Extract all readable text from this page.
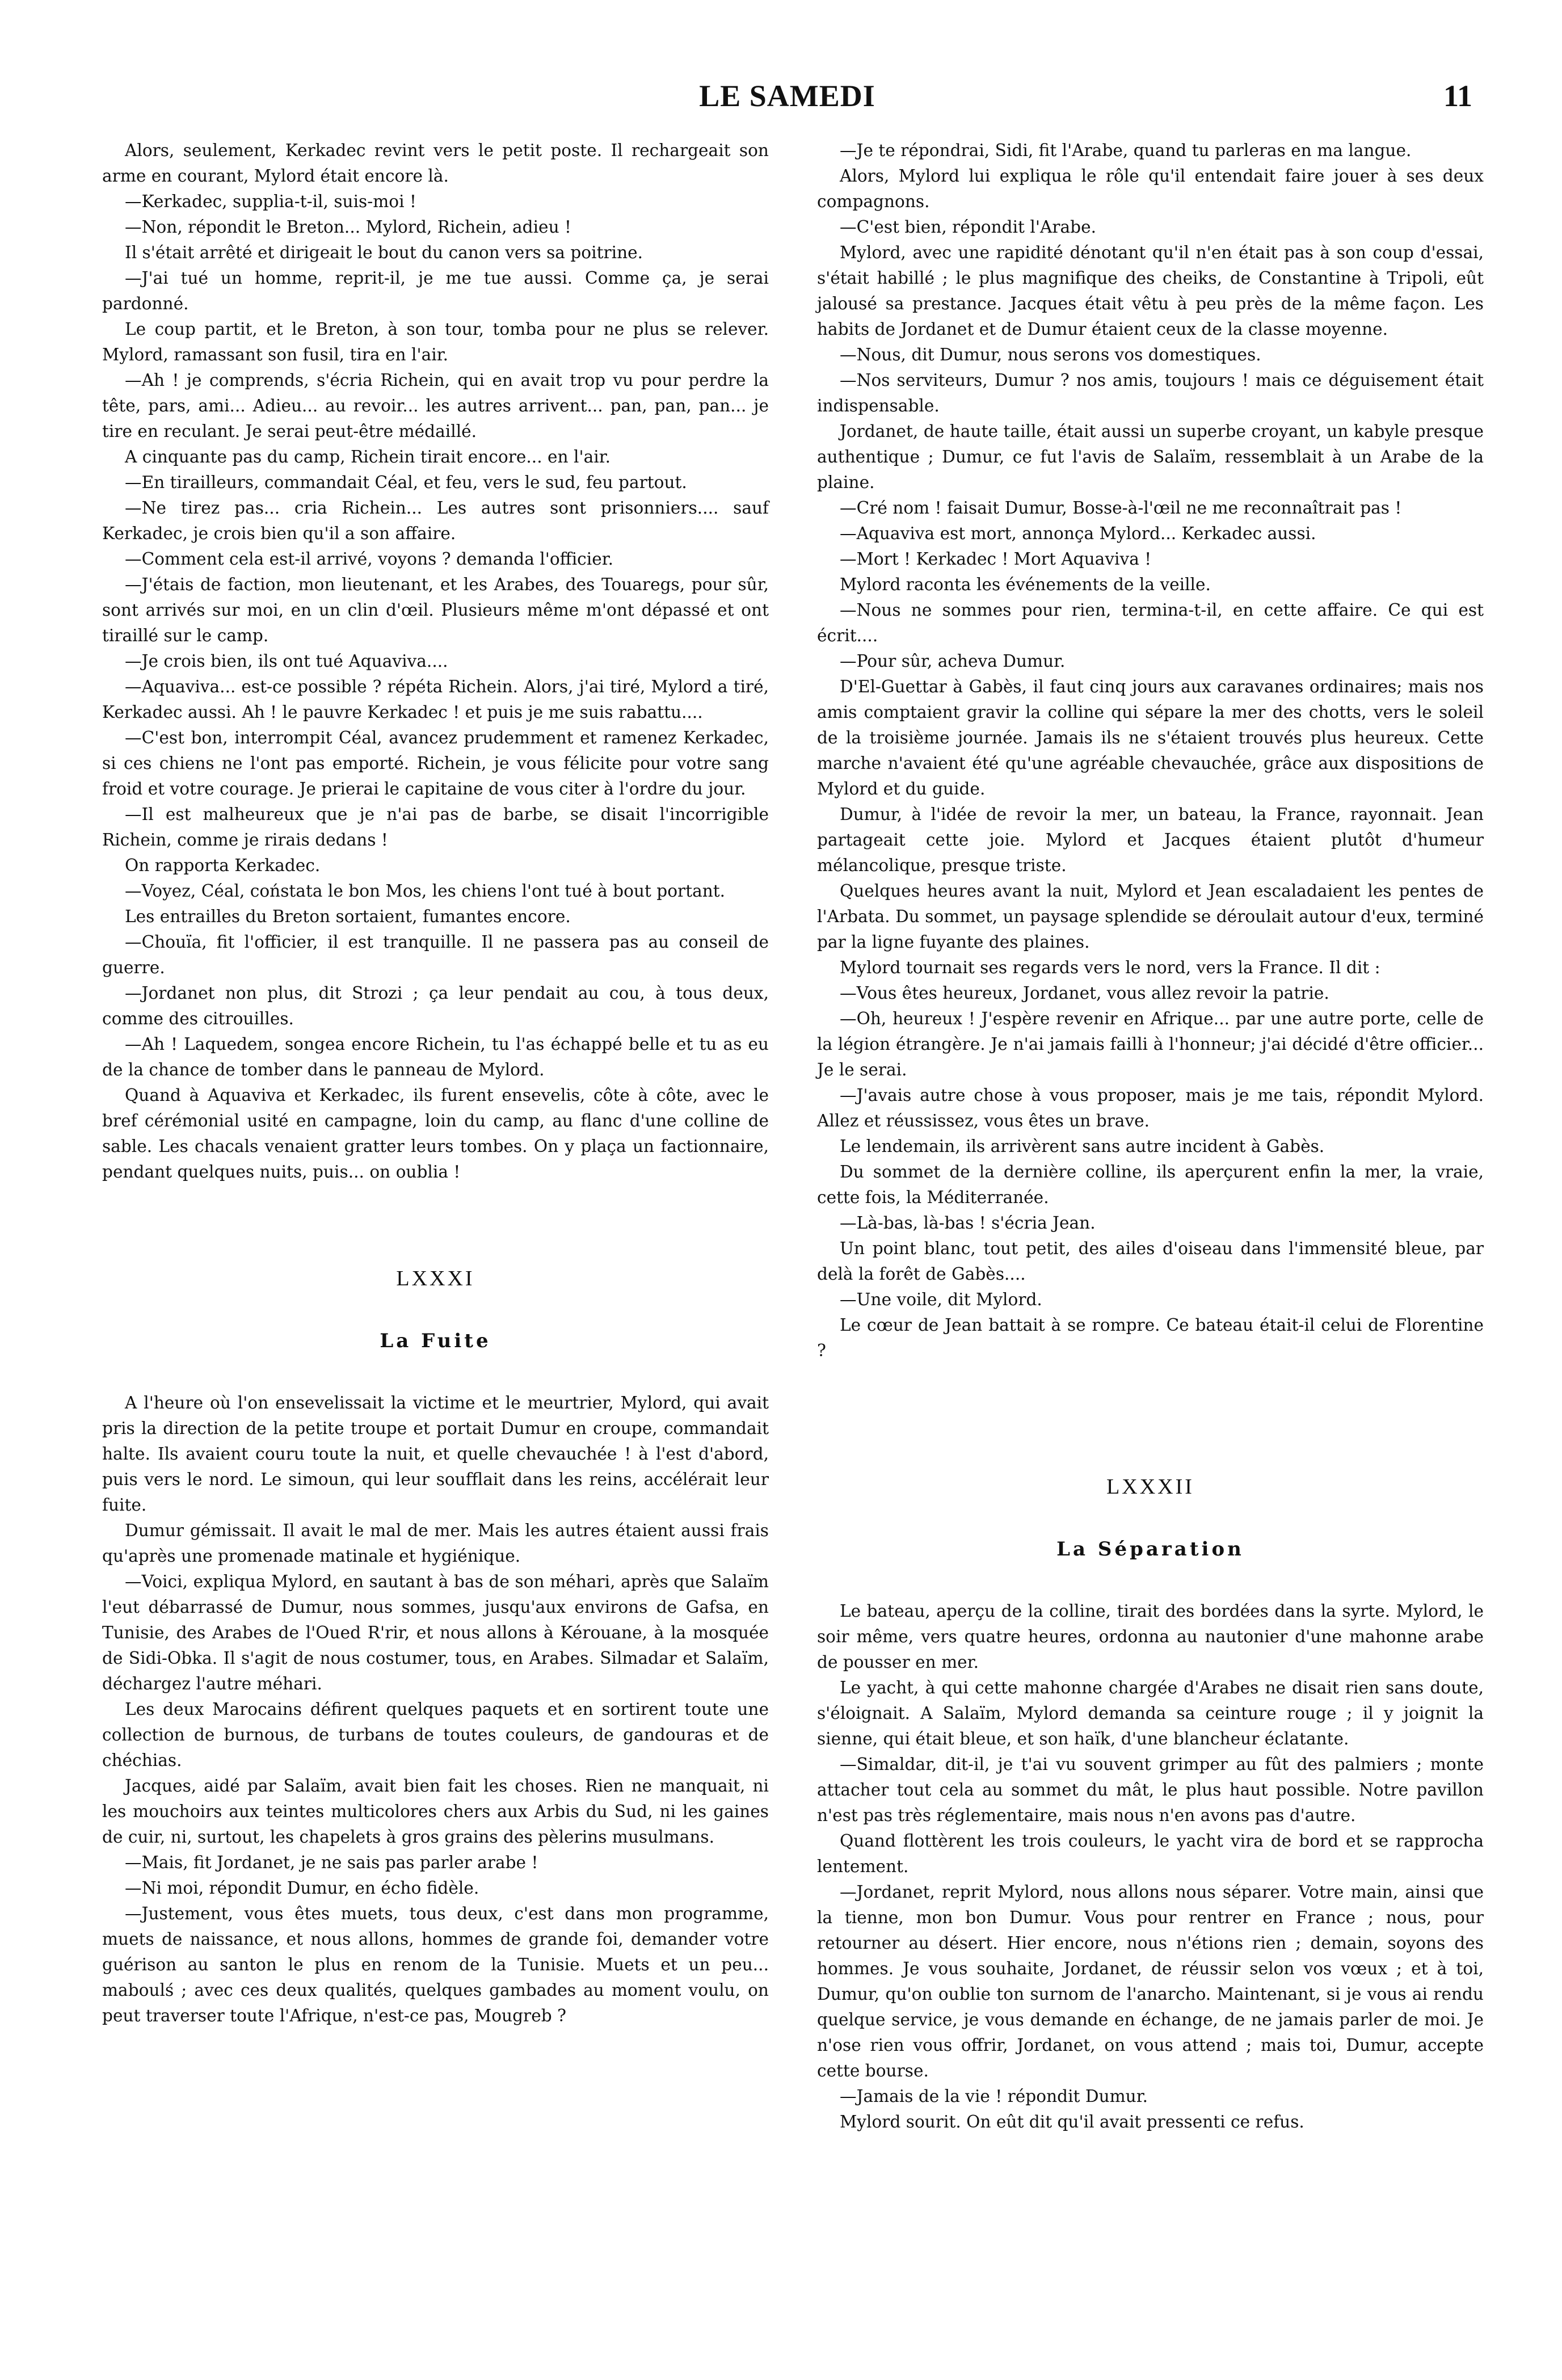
LE SAMEDI	11

Alors, seulement, Kerkadec revint vers le petit poste. Il rechargeait son arme en courant, Mylord était encore là.

—Kerkadec, supplia-t-il, suis-moi !

—Non, répondit le Breton... Mylord, Richein, adieu !

Il s'était arrêté et dirigeait le bout du canon vers sa poitrine.

—J'ai tué un homme, reprit-il, je me tue aussi. Comme ça, je serai pardonné.

Le coup partit, et le Breton, à son tour, tomba pour ne plus se relever. Mylord, ramassant son fusil, tira en l'air.

—Ah ! je comprends, s'écria Richein, qui en avait trop vu pour perdre la tête, pars, ami... Adieu... au revoir... les autres arrivent... pan, pan, pan... je tire en reculant. Je serai peut-être médaillé.

A cinquante pas du camp, Richein tirait encore... en l'air.

—En tirailleurs, commandait Céal, et feu, vers le sud, feu partout.

—Ne tirez pas... cria Richein... Les autres sont prisonniers.... sauf Kerkadec, je crois bien qu'il a son affaire.

—Comment cela est-il arrivé, voyons ? demanda l'officier.

—J'étais de faction, mon lieutenant, et les Arabes, des Touaregs, pour sûr, sont arrivés sur moi, en un clin d'œil. Plusieurs même m'ont dépassé et ont tiraillé sur le camp.

—Je crois bien, ils ont tué Aquaviva....

—Aquaviva... est-ce possible ? répéta Richein. Alors, j'ai tiré, Mylord a tiré, Kerkadec aussi. Ah ! le pauvre Kerkadec ! et puis je me suis rabattu....

—C'est bon, interrompit Céal, avancez prudemment et ramenez Kerkadec, si ces chiens ne l'ont pas emporté. Richein, je vous félicite pour votre sang froid et votre courage. Je prierai le capitaine de vous citer à l'ordre du jour.

—Il est malheureux que je n'ai pas de barbe, se disait l'incorrigible Richein, comme je rirais dedans !

On rapporta Kerkadec.

—Voyez, Céal, coństata le bon Mos, les chiens l'ont tué à bout portant.

Les entrailles du Breton sortaient, fumantes encore.

—Chouïa, fit l'officier, il est tranquille. Il ne passera pas au conseil de guerre.

—Jordanet non plus, dit Strozi ; ça leur pendait au cou, à tous deux, comme des citrouilles.

—Ah ! Laquedem, songea encore Richein, tu l'as échappé belle et tu as eu de la chance de tomber dans le panneau de Mylord.

Quand à Aquaviva et Kerkadec, ils furent ensevelis, côte à côte, avec le bref cérémonial usité en campagne, loin du camp, au flanc d'une colline de sable. Les chacals venaient gratter leurs tombes. On y plaça un factionnaire, pendant quelques nuits, puis... on oublia !

LXXXI
La Fuite

A l'heure où l'on ensevelissait la victime et le meurtrier, Mylord, qui avait pris la direction de la petite troupe et portait Dumur en croupe, commandait halte. Ils avaient couru toute la nuit, et quelle chevauchée ! à l'est d'abord, puis vers le nord. Le simoun, qui leur soufflait dans les reins, accélérait leur fuite.

Dumur gémissait. Il avait le mal de mer. Mais les autres étaient aussi frais qu'après une promenade matinale et hygiénique.

—Voici, expliqua Mylord, en sautant à bas de son méhari, après que Salaïm l'eut débarrassé de Dumur, nous sommes, jusqu'aux environs de Gafsa, en Tunisie, des Arabes de l'Oued R'rir, et nous allons à Kérouane, à la mosquée de Sidi-Obka. Il s'agit de nous costumer, tous, en Arabes. Silmadar et Salaïm, déchargez l'autre méhari.

Les deux Marocains défirent quelques paquets et en sortirent toute une collection de burnous, de turbans de toutes couleurs, de gandouras et de chéchias.

Jacques, aidé par Salaïm, avait bien fait les choses. Rien ne manquait, ni les mouchoirs aux teintes multicolores chers aux Arbis du Sud, ni les gaines de cuir, ni, surtout, les chapelets à gros grains des pèlerins musulmans.

—Mais, fit Jordanet, je ne sais pas parler arabe !

—Ni moi, répondit Dumur, en écho fidèle.

—Justement, vous êtes muets, tous deux, c'est dans mon programme, muets de naissance, et nous allons, hommes de grande foi, demander votre guérison au santon le plus en renom de la Tunisie. Muets et un peu... maboulś ; avec ces deux qualités, quelques gambades au moment voulu, on peut traverser toute l'Afrique, n'est-ce pas, Mougreb ?

—Je te répondrai, Sidi, fit l'Arabe, quand tu parleras en ma langue.

Alors, Mylord lui expliqua le rôle qu'il entendait faire jouer à ses deux compagnons.

—C'est bien, répondit l'Arabe.

Mylord, avec une rapidité dénotant qu'il n'en était pas à son coup d'essai, s'était habillé ; le plus magnifique des cheiks, de Constantine à Tripoli, eût jalousé sa prestance. Jacques était vêtu à peu près de la même façon. Les habits de Jordanet et de Dumur étaient ceux de la classe moyenne.

—Nous, dit Dumur, nous serons vos domestiques.

—Nos serviteurs, Dumur ? nos amis, toujours ! mais ce déguisement était indispensable.

Jordanet, de haute taille, était aussi un superbe croyant, un kabyle presque authentique ; Dumur, ce fut l'avis de Salaïm, ressemblait à un Arabe de la plaine.

—Cré nom ! faisait Dumur, Bosse-à-l'œil ne me reconnaîtrait pas !

—Aquaviva est mort, annonça Mylord... Kerkadec aussi.

—Mort ! Kerkadec ! Mort Aquaviva !

Mylord raconta les événements de la veille.

—Nous ne sommes pour rien, termina-t-il, en cette affaire. Ce qui est écrit....

—Pour sûr, acheva Dumur.

D'El-Guettar à Gabès, il faut cinq jours aux caravanes ordinaires; mais nos amis comptaient gravir la colline qui sépare la mer des chotts, vers le soleil de la troisième journée. Jamais ils ne s'étaient trouvés plus heureux. Cette marche n'avaient été qu'une agréable chevauchée, grâce aux dispositions de Mylord et du guide.

Dumur, à l'idée de revoir la mer, un bateau, la France, rayonnait. Jean partageait cette joie. Mylord et Jacques étaient plutôt d'humeur mélancolique, presque triste.

Quelques heures avant la nuit, Mylord et Jean escaladaient les pentes de l'Arbata. Du sommet, un paysage splendide se déroulait autour d'eux, terminé par la ligne fuyante des plaines.

Mylord tournait ses regards vers le nord, vers la France. Il dit :

—Vous êtes heureux, Jordanet, vous allez revoir la patrie.

—Oh, heureux ! J'espère revenir en Afrique... par une autre porte, celle de la légion étrangère. Je n'ai jamais failli à l'honneur; j'ai décidé d'être officier... Je le serai.

—J'avais autre chose à vous proposer, mais je me tais, répondit Mylord. Allez et réussissez, vous êtes un brave.

Le lendemain, ils arrivèrent sans autre incident à Gabès.

Du sommet de la dernière colline, ils aperçurent enfin la mer, la vraie, cette fois, la Méditerranée.

—Là-bas, là-bas ! s'écria Jean.

Un point blanc, tout petit, des ailes d'oiseau dans l'immensité bleue, par delà la forêt de Gabès....

—Une voile, dit Mylord.

Le cœur de Jean battait à se rompre. Ce bateau était-il celui de Florentine ?

LXXXII
La Séparation

Le bateau, aperçu de la colline, tirait des bordées dans la syrte. Mylord, le soir même, vers quatre heures, ordonna au nautonier d'une mahonne arabe de pousser en mer.

Le yacht, à qui cette mahonne chargée d'Arabes ne disait rien sans doute, s'éloignait. A Salaïm, Mylord demanda sa ceinture rouge ; il y joignit la sienne, qui était bleue, et son haïk, d'une blancheur éclatante.

—Simaldar, dit-il, je t'ai vu souvent grimper au fût des palmiers ; monte attacher tout cela au sommet du mât, le plus haut possible. Notre pavillon n'est pas très réglementaire, mais nous n'en avons pas d'autre.

Quand flottèrent les trois couleurs, le yacht vira de bord et se rapprocha lentement.

—Jordanet, reprit Mylord, nous allons nous séparer. Votre main, ainsi que la tienne, mon bon Dumur. Vous pour rentrer en France ; nous, pour retourner au désert. Hier encore, nous n'étions rien ; demain, soyons des hommes. Je vous souhaite, Jordanet, de réussir selon vos vœux ; et à toi, Dumur, qu'on oublie ton surnom de l'anarcho. Maintenant, si je vous ai rendu quelque service, je vous demande en échange, de ne jamais parler de moi. Je n'ose rien vous offrir, Jordanet, on vous attend ; mais toi, Dumur, accepte cette bourse.

—Jamais de la vie ! répondit Dumur.

Mylord sourit. On eût dit qu'il avait pressenti ce refus.
